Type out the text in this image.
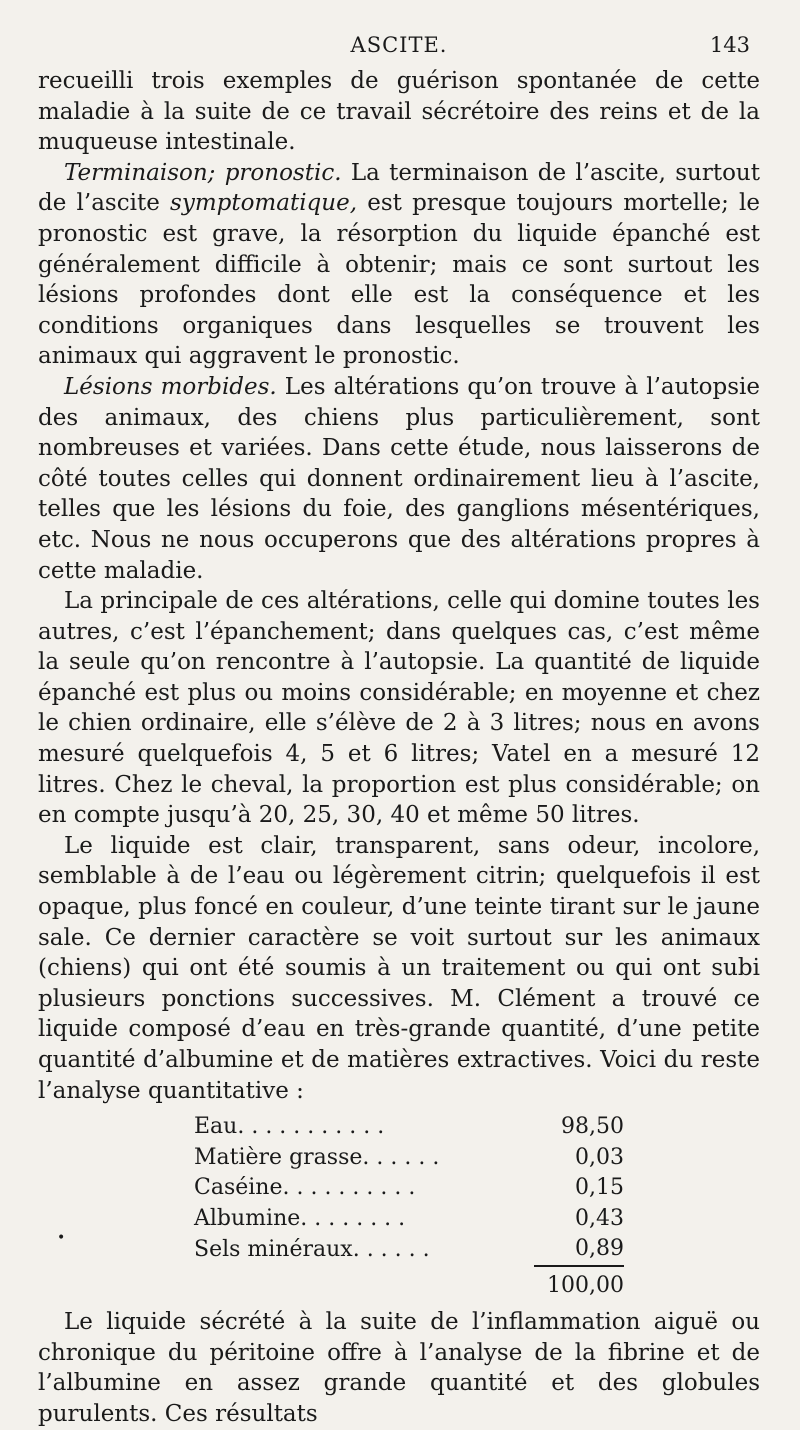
ASCITE.	143

recueilli trois exemples de guérison spontanée de cette maladie à la suite de ce travail sécrétoire des reins et de la muqueuse intestinale.

Terminaison; pronostic. La terminaison de l’ascite, surtout de l’ascite symptomatique, est presque toujours mortelle; le pronostic est grave, la résorption du liquide épanché est généralement difficile à obtenir; mais ce sont surtout les lésions profondes dont elle est la conséquence et les conditions organiques dans lesquelles se trouvent les animaux qui aggravent le pronostic.

Lésions morbides. Les altérations qu’on trouve à l’autopsie des animaux, des chiens plus particulièrement, sont nombreuses et variées. Dans cette étude, nous laisserons de côté toutes celles qui donnent ordinairement lieu à l’ascite, telles que les lésions du foie, des ganglions mésentériques, etc. Nous ne nous occuperons que des altérations propres à cette maladie.

La principale de ces altérations, celle qui domine toutes les autres, c’est l’épanchement; dans quelques cas, c’est même la seule qu’on rencontre à l’autopsie. La quantité de liquide épanché est plus ou moins considérable; en moyenne et chez le chien ordinaire, elle s’élève de 2 à 3 litres; nous en avons mesuré quelquefois 4, 5 et 6 litres; Vatel en a mesuré 12 litres. Chez le cheval, la proportion est plus considérable; on en compte jusqu’à 20, 25, 30, 40 et même 50 litres.

Le liquide est clair, transparent, sans odeur, incolore, semblable à de l’eau ou légèrement citrin; quelquefois il est opaque, plus foncé en couleur, d’une teinte tirant sur le jaune sale. Ce dernier caractère se voit surtout sur les animaux (chiens) qui ont été soumis à un traitement ou qui ont subi plusieurs ponctions successives. M. Clément a trouvé ce liquide composé d’eau en très-grande quantité, d’une petite quantité d’albumine et de matières extractives. Voici du reste l’analyse quantitative :

Eau. . . . . . . . . . .	98,50
Matière grasse. . . . . .	0,03
Caséine. . . . . . . . . .	0,15
Albumine. . . . . . . .	0,43
Sels minéraux. . . . . .	0,89
	100,00

Le liquide sécrété à la suite de l’inflammation aiguë ou chronique du péritoine offre à l’analyse de la fibrine et de l’albumine en assez grande quantité et des globules purulents. Ces résultats

•
